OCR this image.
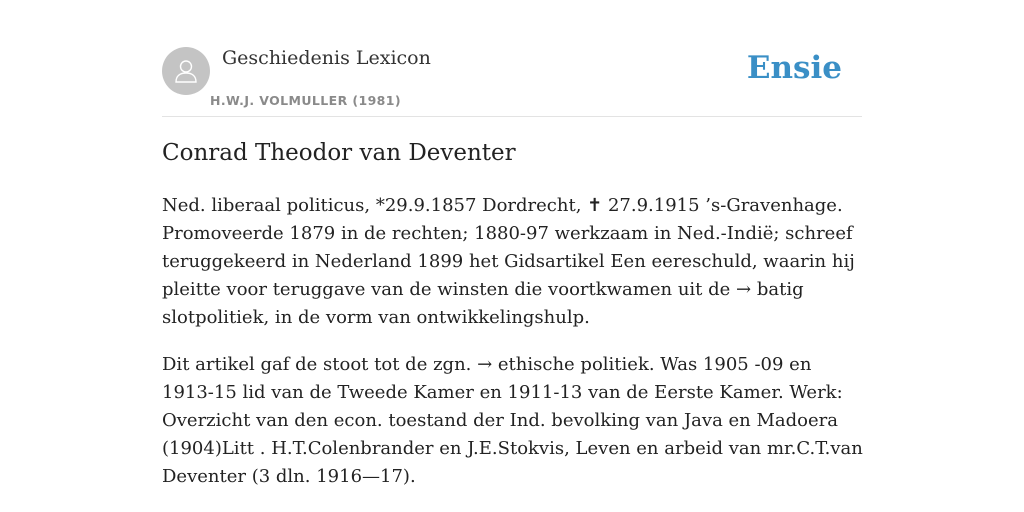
Geschiedenis Lexicon
H.W.J. VOLMULLER (1981)
Ensie
Conrad Theodor van Deventer

Ned. liberaal politicus, *29.9.1857 Dordrecht, ✝ 27.9.1915 ’s-Gravenhage. Promoveerde 1879 in de rechten; 1880-97 werkzaam in Ned.-Indië; schreef teruggekeerd in Nederland 1899 het Gidsartikel Een eereschuld, waarin hij pleitte voor teruggave van de winsten die voortkwamen uit de → batig slotpolitiek, in de vorm van ontwikkelingshulp.

Dit artikel gaf de stoot tot de zgn. → ethische politiek. Was 1905 -09 en 1913-15 lid van de Tweede Kamer en 1911-13 van de Eerste Kamer. Werk: Overzicht van den econ. toestand der Ind. bevolking van Java en Madoera (1904)Litt . H.T.Colenbrander en J.E.Stokvis, Leven en arbeid van mr.C.T.van Deventer (3 dln. 1916—17).
